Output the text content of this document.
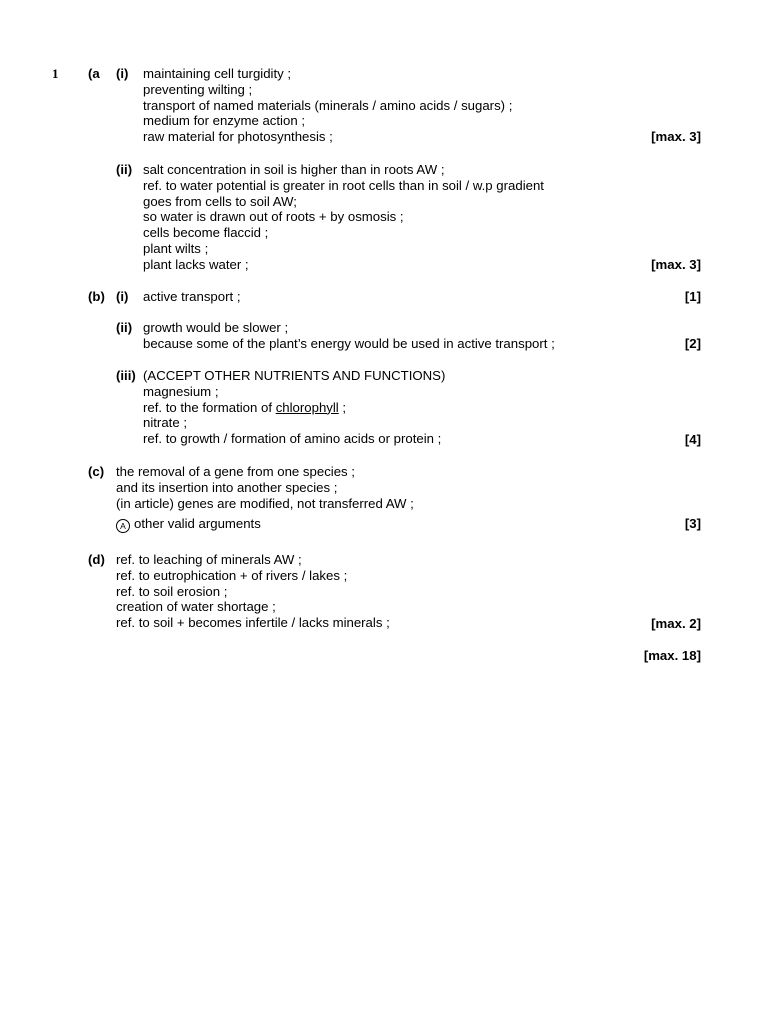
1 (a (i) maintaining cell turgidity ;
preventing wilting ;
transport of named materials (minerals / amino acids / sugars) ;
medium for enzyme action ;
raw material for photosynthesis ;	[max. 3]
(ii) salt concentration in soil is higher than in roots AW ;
ref. to water potential is greater in root cells than in soil / w.p gradient
goes from cells to soil AW;
so water is drawn out of roots + by osmosis ;
cells become flaccid ;
plant wilts ;
plant lacks water ;	[max. 3]
(b) (i) active transport ;	[1]
(ii) growth would be slower ;
because some of the plant’s energy would be used in active transport ;	[2]
(iii) (ACCEPT OTHER NUTRIENTS AND FUNCTIONS)
magnesium ;
ref. to the formation of chlorophyll ;
nitrate ;
ref. to growth / formation of amino acids or protein ;	[4]
(c) the removal of a gene from one species ;
and its insertion into another species ;
(in article) genes are modified, not transferred AW ;
A other valid arguments	[3]
(d) ref. to leaching of minerals AW ;
ref. to eutrophication + of rivers / lakes ;
ref. to soil erosion ;
creation of water shortage ;
ref. to soil + becomes infertile / lacks minerals ;	[max. 2]
[max. 18]
